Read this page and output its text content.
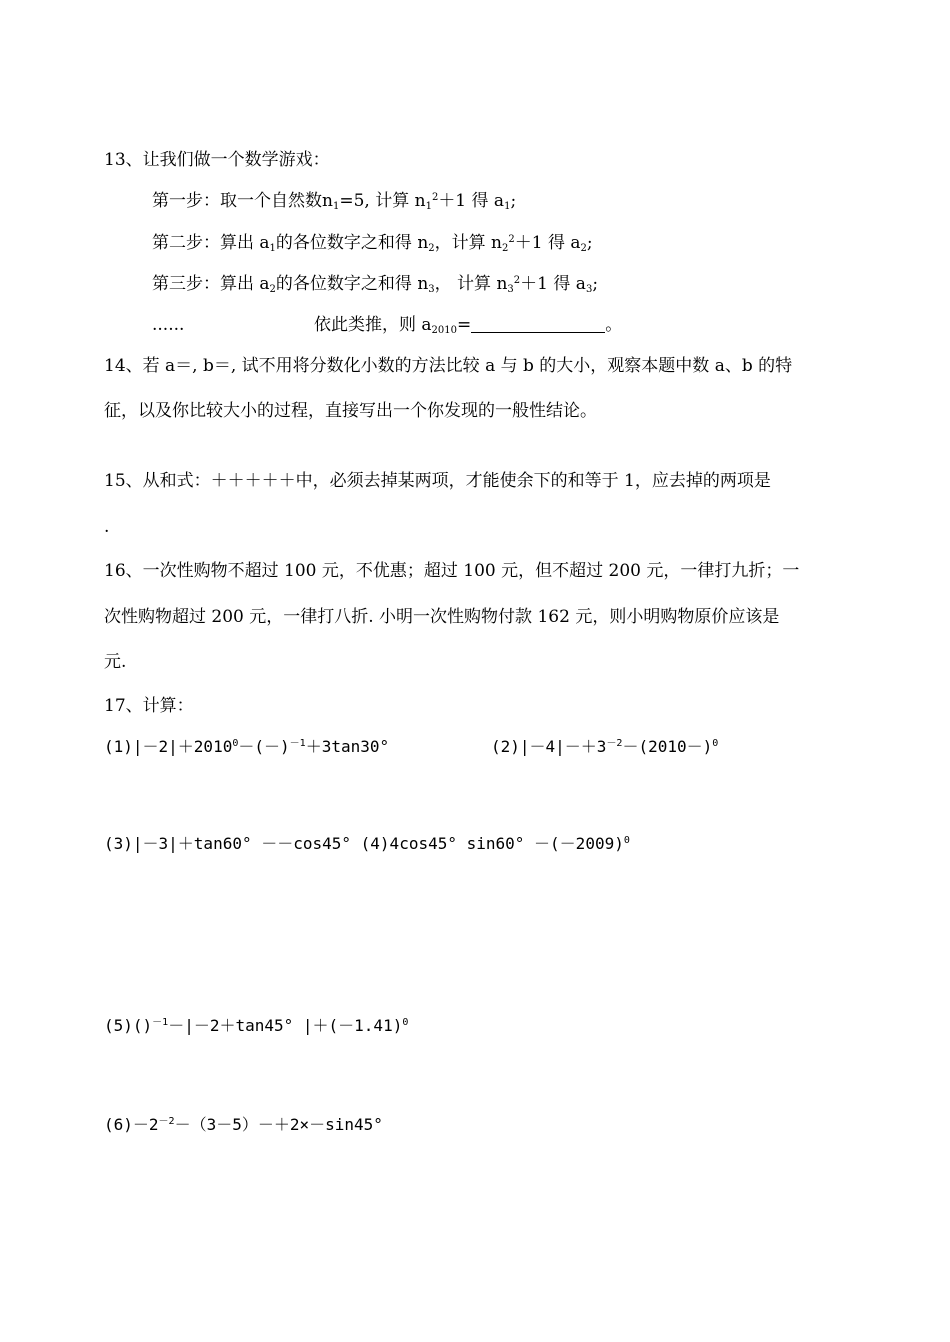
13、让我们做一个数学游戏：
第一步：取一个自然数$n_1=5$, 计算 $n_1^2+1$ 得 $a_1$;
第二步：算出 $a_1$的各位数字之和得 $n_2$，计算 $n_2^2+1$ 得 $a_2$;
第三步：算出 $a_2$的各位数字之和得 $n_3$， 计算 $n_3^2+1$ 得 $a_3$;
......	依此类推，则 $a_{2010}=$	。
14、若 a＝, b＝, 试不用将分数化小数的方法比较 a 与 b 的大小，观察本题中数 a、b 的特
征，以及你比较大小的过程，直接写出一个你发现的一般性结论。
15、从和式：＋＋＋＋＋中，必须去掉某两项，才能使余下的和等于 1，应去掉的两项是
.
16、一次性购物不超过 100 元，不优惠；超过 100 元，但不超过 200 元，一律打九折；一
次性购物超过 200 元，一律打八折. 小明一次性购物付款 162 元，则小明购物原价应该是
元.
17、计算：
$(1)|-2|+2010^0-(-)^{-1}+3\tan 30^\circ$	$(2)|-4|-+3^{-2}-(2010-)^0$
(3)|－3|＋tan60° －－cos45° (4)4cos45° $\sin 60^\circ -(-2009)^0$
(5)()$^{-1}$－|－2＋tan45° $|+(-1.41)^0$
$(6)-2^{-2}-(3-5)-+2\times-\sin 45^\circ$
